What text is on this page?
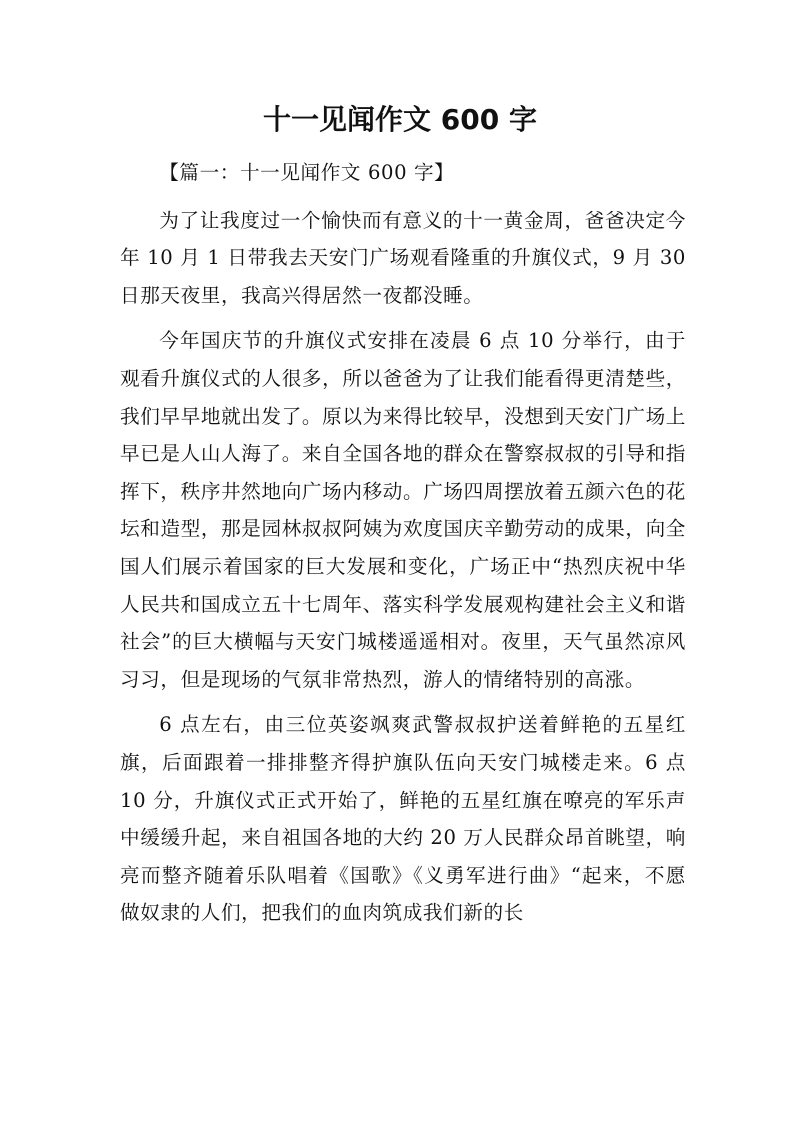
十一见闻作文 600 字

【篇一：十一见闻作文 600 字】

为了让我度过一个愉快而有意义的十一黄金周，爸爸决定今年 10 月 1 日带我去天安门广场观看隆重的升旗仪式，9 月 30 日那天夜里，我高兴得居然一夜都没睡。

今年国庆节的升旗仪式安排在凌晨 6 点 10 分举行，由于观看升旗仪式的人很多，所以爸爸为了让我们能看得更清楚些，我们早早地就出发了。原以为来得比较早，没想到天安门广场上早已是人山人海了。来自全国各地的群众在警察叔叔的引导和指挥下，秩序井然地向广场内移动。广场四周摆放着五颜六色的花坛和造型，那是园林叔叔阿姨为欢度国庆辛勤劳动的成果，向全国人们展示着国家的巨大发展和变化，广场正中“热烈庆祝中华人民共和国成立五十七周年、落实科学发展观构建社会主义和谐社会”的巨大横幅与天安门城楼遥遥相对。夜里，天气虽然凉风习习，但是现场的气氛非常热烈，游人的情绪特别的高涨。

6 点左右，由三位英姿飒爽武警叔叔护送着鲜艳的五星红旗，后面跟着一排排整齐得护旗队伍向天安门城楼走来。6 点 10 分，升旗仪式正式开始了，鲜艳的五星红旗在嘹亮的军乐声中缓缓升起，来自祖国各地的大约 20 万人民群众昂首眺望，响亮而整齐随着乐队唱着《国歌》《义勇军进行曲》“起来，不愿做奴隶的人们，把我们的血肉筑成我们新的长
